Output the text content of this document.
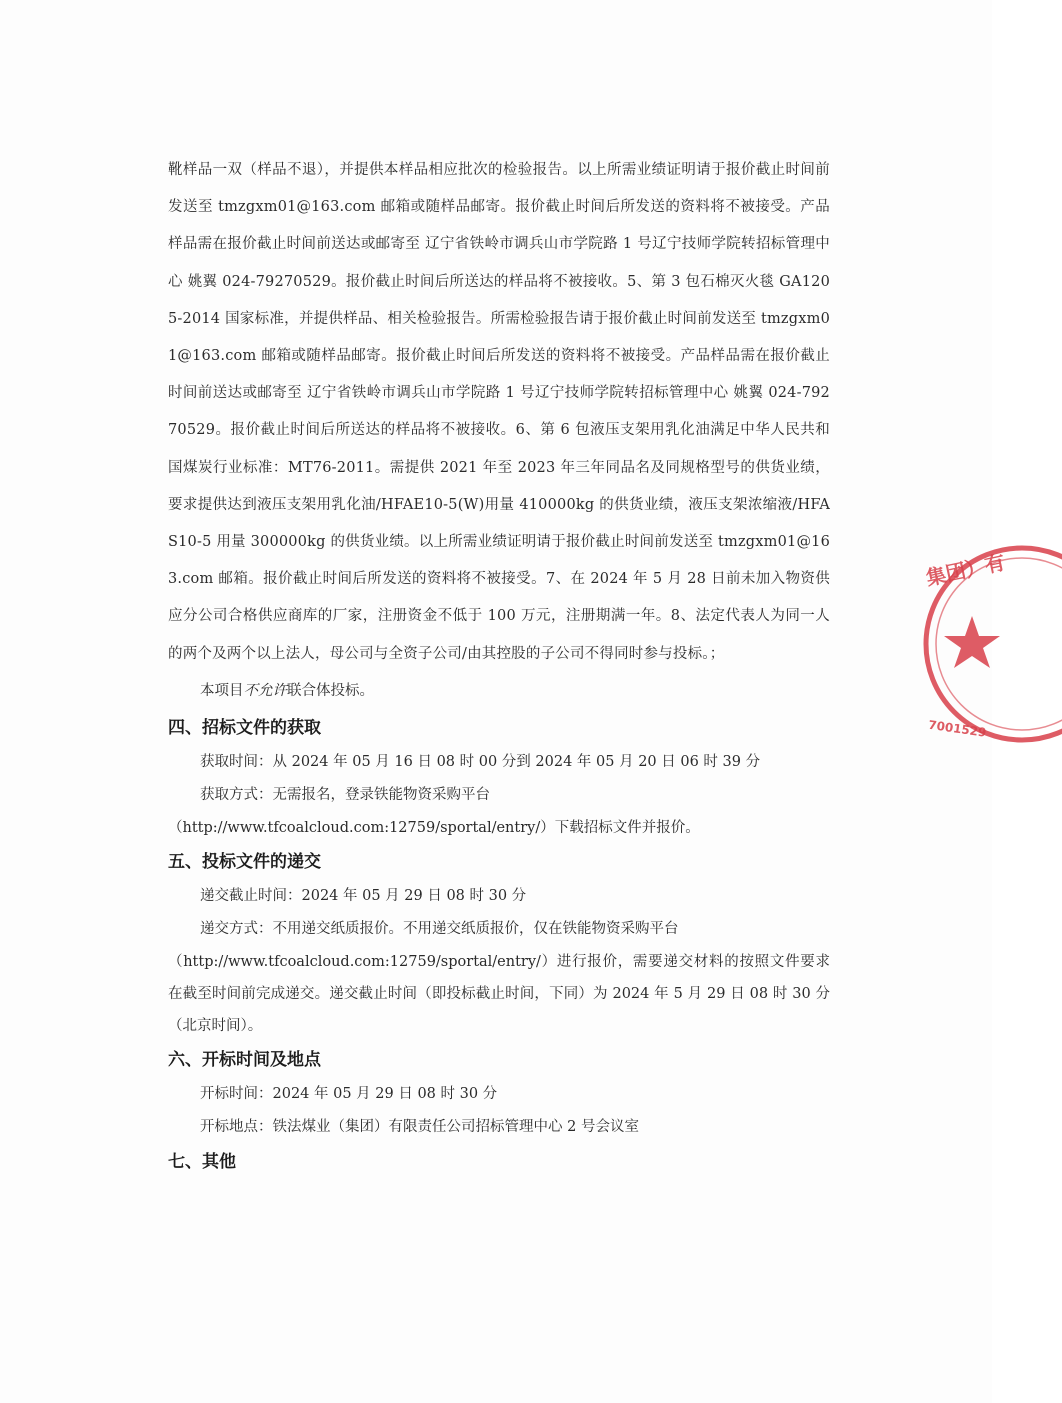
靴样品一双（样品不退），并提供本样品相应批次的检验报告。以上所需业绩证明请于报价截止时间前发送至 tmzgxm01@163.com 邮箱或随样品邮寄。报价截止时间后所发送的资料将不被接受。产品样品需在报价截止时间前送达或邮寄至 辽宁省铁岭市调兵山市学院路 1 号辽宁技师学院转招标管理中心 姚翼 024-79270529。报价截止时间后所送达的样品将不被接收。5、第 3 包石棉灭火毯 GA1205-2014 国家标准，并提供样品、相关检验报告。所需检验报告请于报价截止时间前发送至 tmzgxm01@163.com 邮箱或随样品邮寄。报价截止时间后所发送的资料将不被接受。产品样品需在报价截止时间前送达或邮寄至 辽宁省铁岭市调兵山市学院路 1 号辽宁技师学院转招标管理中心 姚翼 024-79270529。报价截止时间后所送达的样品将不被接收。6、第 6 包液压支架用乳化油满足中华人民共和国煤炭行业标准：MT76-2011。需提供 2021 年至 2023 年三年同品名及同规格型号的供货业绩，要求提供达到液压支架用乳化油/HFAE10-5(W)用量 410000kg 的供货业绩，液压支架浓缩液/HFAS10-5 用量 300000kg 的供货业绩。以上所需业绩证明请于报价截止时间前发送至 tmzgxm01@163.com 邮箱。报价截止时间后所发送的资料将不被接受。7、在 2024 年 5 月 28 日前未加入物资供应分公司合格供应商库的厂家，注册资金不低于 100 万元，注册期满一年。8、法定代表人为同一人的两个及两个以上法人，母公司与全资子公司/由其控股的子公司不得同时参与投标。；

本项目不允许联合体投标。

四、招标文件的获取

获取时间：从 2024 年 05 月 16 日 08 时 00 分到 2024 年 05 月 20 日 06 时 39 分

获取方式：无需报名，登录铁能物资采购平台

（http://www.tfcoalcloud.com:12759/sportal/entry/）下载招标文件并报价。

五、投标文件的递交

递交截止时间：2024 年 05 月 29 日 08 时 30 分

递交方式：不用递交纸质报价。不用递交纸质报价，仅在铁能物资采购平台

（http://www.tfcoalcloud.com:12759/sportal/entry/）进行报价，需要递交材料的按照文件要求在截至时间前完成递交。递交截止时间（即投标截止时间，下同）为 2024 年 5 月 29 日 08 时 30 分（北京时间）。

六、开标时间及地点

开标时间：2024 年 05 月 29 日 08 时 30 分

开标地点：铁法煤业（集团）有限责任公司招标管理中心 2 号会议室

七、其他
集团）有
7001529
